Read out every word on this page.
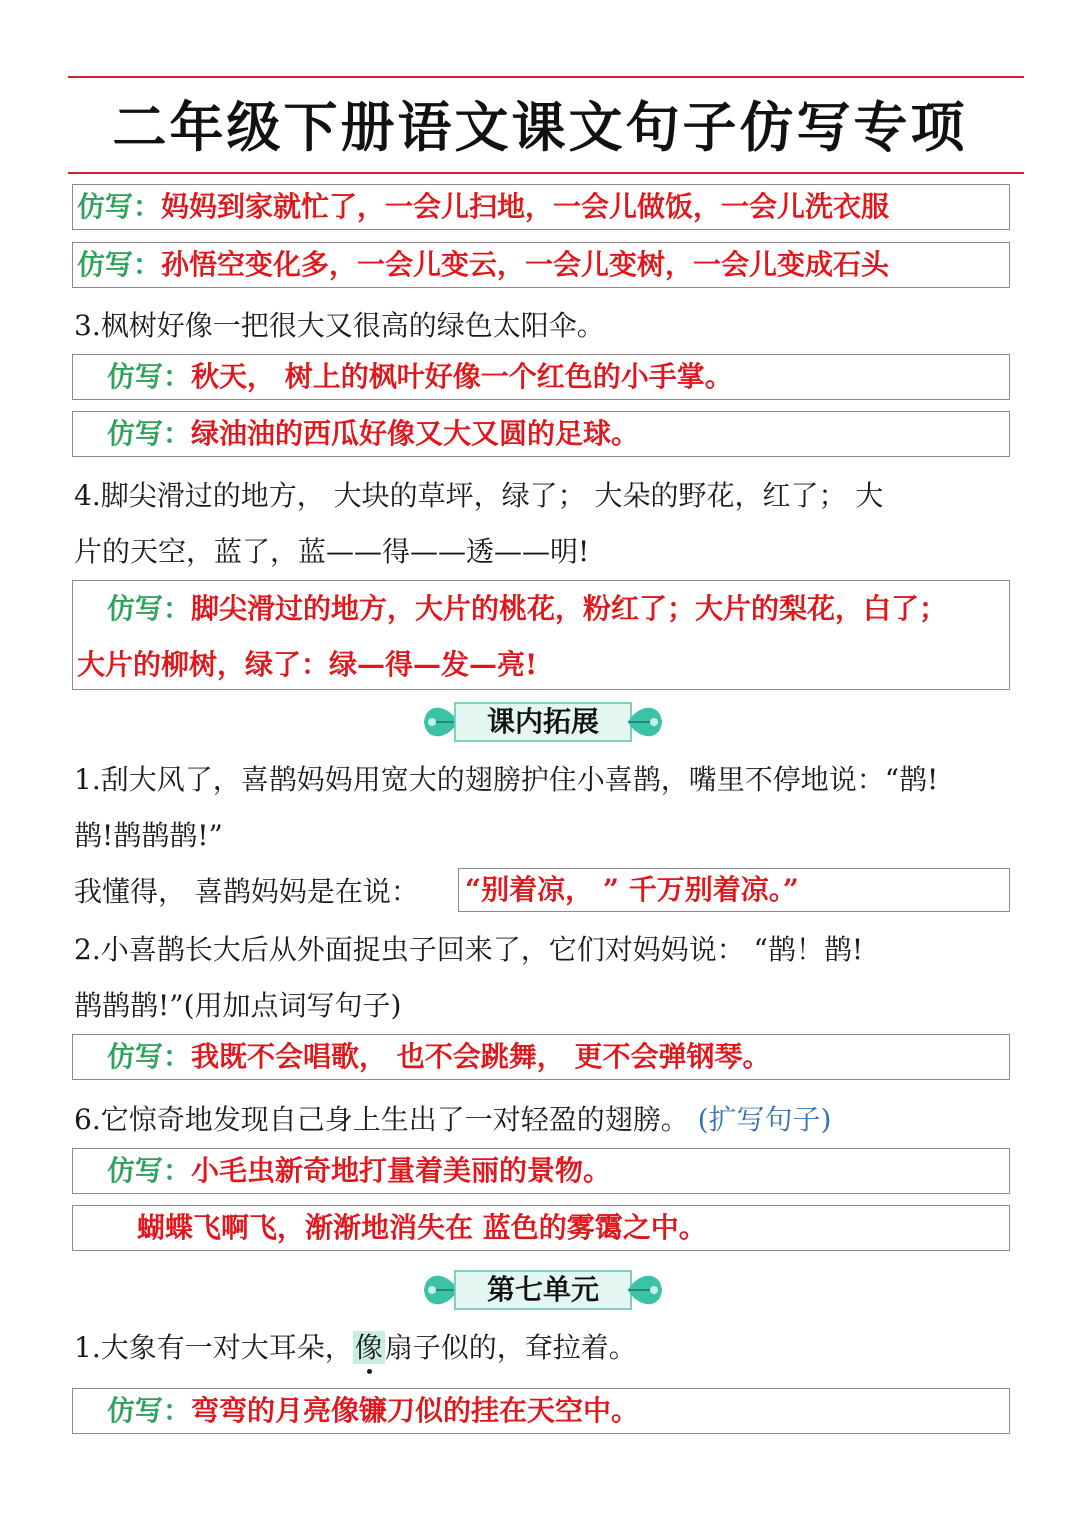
二年级下册语文课文句子仿写专项
仿写：妈妈到家就忙了，一会儿扫地，一会儿做饭，一会儿洗衣服
仿写：孙悟空变化多，一会儿变云，一会儿变树，一会儿变成石头
3.枫树好像一把很大又很高的绿色太阳伞。
仿写：秋天， 树上的枫叶好像一个红色的小手掌。
仿写：绿油油的西瓜好像又大又圆的足球。
4.脚尖滑过的地方， 大块的草坪，绿了； 大朵的野花，红了； 大
片的天空，蓝了，蓝——得——透——明!
仿写：脚尖滑过的地方，大片的桃花，粉红了；大片的梨花，白了；
大片的柳树，绿了：绿—得—发—亮!
课内拓展
1.刮大风了，喜鹊妈妈用宽大的翅膀护住小喜鹊，嘴里不停地说：“鹊!
鹊!鹊鹊鹊!”
我懂得， 喜鹊妈妈是在说：	“别着凉， ” 千万别着凉。”
2.小喜鹊长大后从外面捉虫子回来了，它们对妈妈说： “鹊！鹊!
鹊鹊鹊!”(用加点词写句子)
仿写：我既不会唱歌， 也不会跳舞， 更不会弹钢琴。
6.它惊奇地发现自己身上生出了一对轻盈的翅膀。 (扩写句子)
仿写：小毛虫新奇地打量着美丽的景物。
蝴蝶飞啊飞，渐渐地消失在 蓝色的雾霭之中。
第七单元
1.大象有一对大耳朵，像扇子似的，耷拉着。
仿写：弯弯的月亮像镰刀似的挂在天空中。
